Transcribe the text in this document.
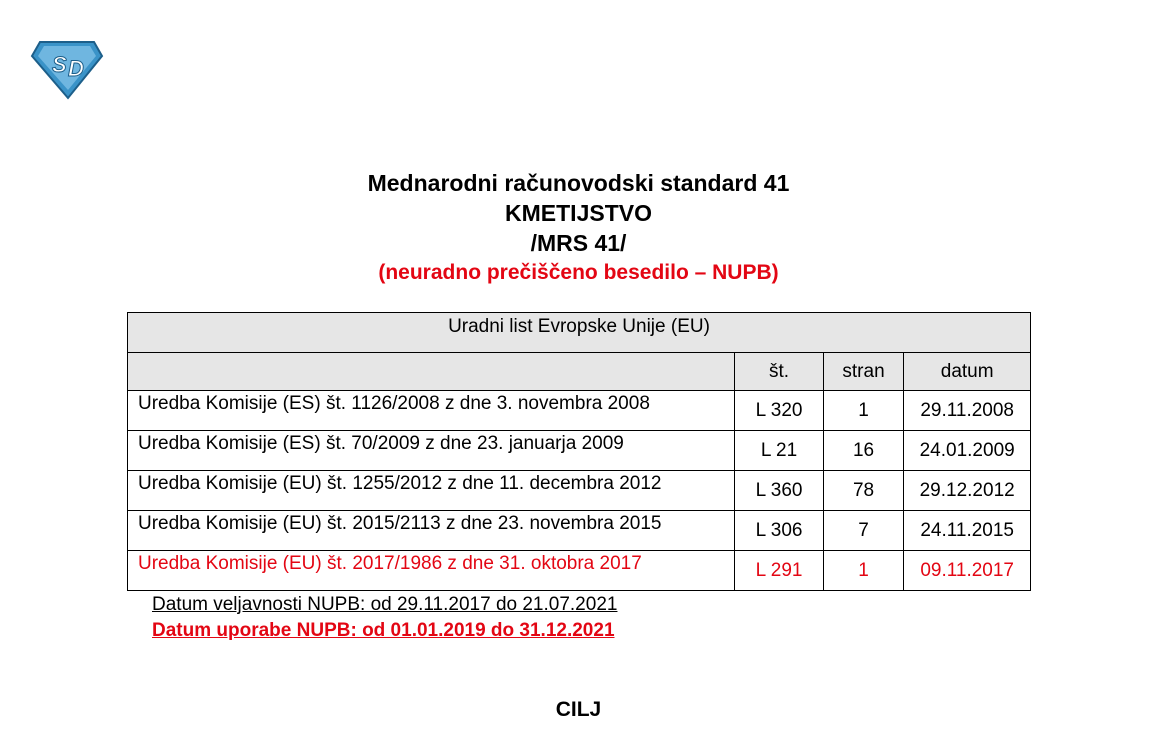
S D
Mednarodni računovodski standard 41
KMETIJSTVO
/MRS 41/
(neuradno prečiščeno besedilo – NUPB)
Uradni list Evropske Unije (EU)			
	št.	stran	datum
Uredba Komisije (ES) št. 1126/2008 z dne 3. novembra 2008	L 320	1	29.11.2008
Uredba Komisije (ES) št. 70/2009 z dne 23. januarja 2009	L 21	16	24.01.2009
Uredba Komisije (EU) št. 1255/2012 z dne 11. decembra 2012	L 360	78	29.12.2012
Uredba Komisije (EU) št. 2015/2113 z dne 23. novembra 2015	L 306	7	24.11.2015
Uredba Komisije (EU) št. 2017/1986 z dne 31. oktobra 2017	L 291	1	09.11.2017
Datum veljavnosti NUPB: od 29.11.2017 do 21.07.2021
Datum uporabe NUPB: od 01.01.2019 do 31.12.2021
CILJ
